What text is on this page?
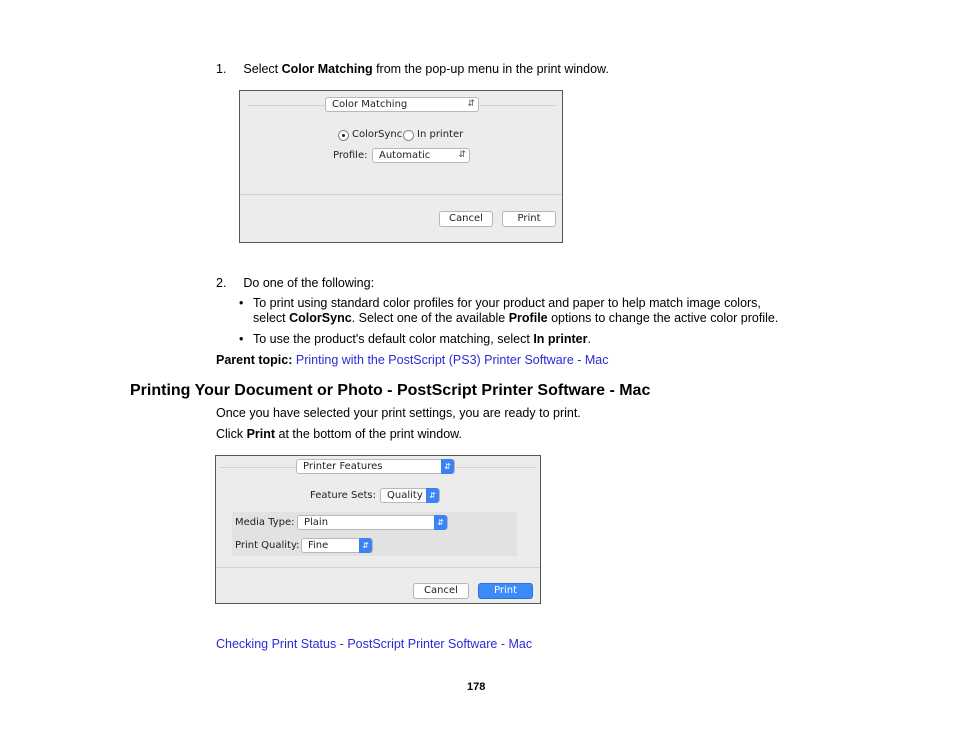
1. Select Color Matching from the pop-up menu in the print window.
Color Matching	⇵
ColorSync In printer
Profile:	Automatic	⇵
Cancel	Print
2. Do one of the following:
• To print using standard color profiles for your product and paper to help match image colors,
select ColorSync. Select one of the available Profile options to change the active color profile.
• To use the product's default color matching, select In printer.
Parent topic: Printing with the PostScript (PS3) Printer Software - Mac
Printing Your Document or Photo - PostScript Printer Software - Mac
Once you have selected your print settings, you are ready to print.
Click Print at the bottom of the print window.
Printer Features	⇵
Feature Sets:	Quality ⇵
Media Type: Plain	⇵
Print Quality: Fine	⇵
Cancel	Print
Checking Print Status - PostScript Printer Software - Mac
178
